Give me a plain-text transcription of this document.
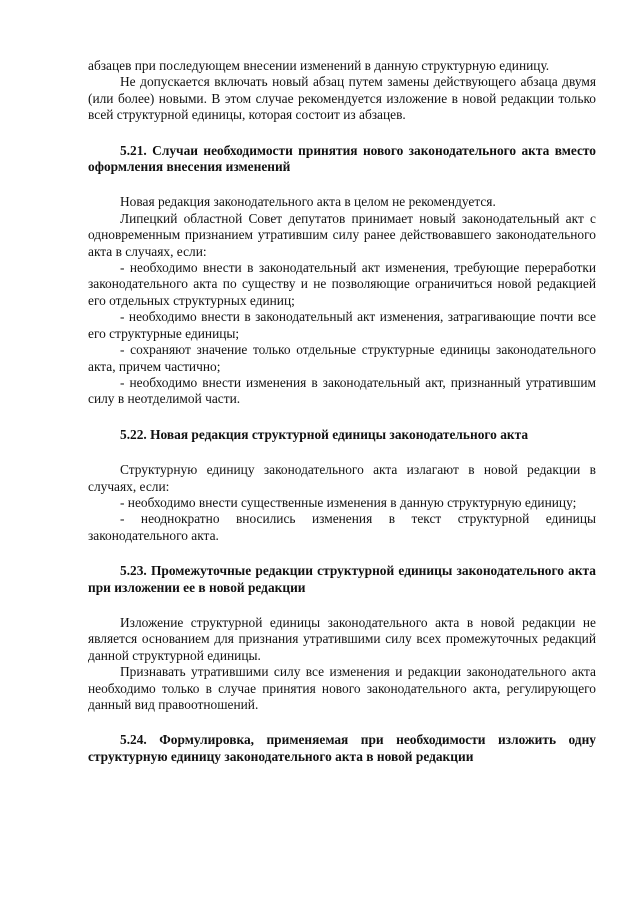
абзацев при последующем внесении изменений в данную структурную единицу.

Не допускается включать новый абзац путем замены действующего абзаца двумя (или более) новыми. В этом случае рекомендуется изложение в новой редакции только всей структурной единицы, которая состоит из абзацев.

5.21. Случаи необходимости принятия нового законодательного акта вместо оформления внесения изменений

Новая редакция законодательного акта в целом не рекомендуется.

Липецкий областной Совет депутатов принимает новый законодательный акт с одновременным признанием утратившим силу ранее действовавшего законодательного акта в случаях, если:

- необходимо внести в законодательный акт изменения, требующие переработки законодательного акта по существу и не позволяющие ограничиться новой редакцией его отдельных структурных единиц;

- необходимо внести в законодательный акт изменения, затрагивающие почти все его структурные единицы;

- сохраняют значение только отдельные структурные единицы законодательного акта, причем частично;

- необходимо внести изменения в законодательный акт, признанный утратившим силу в неотделимой части.

5.22. Новая редакция структурной единицы законодательного акта

Структурную единицу законодательного акта излагают в новой редакции в случаях, если:

- необходимо внести существенные изменения в данную структурную единицу;

- неоднократно вносились изменения в текст структурной единицы законодательного акта.

5.23. Промежуточные редакции структурной единицы законодательного акта при изложении ее в новой редакции

Изложение структурной единицы законодательного акта в новой редакции не является основанием для признания утратившими силу всех промежуточных редакций данной структурной единицы.

Признавать утратившими силу все изменения и редакции законодательного акта необходимо только в случае принятия нового законодательного акта, регулирующего данный вид правоотношений.

5.24. Формулировка, применяемая при необходимости изложить одну структурную единицу законодательного акта в новой редакции
